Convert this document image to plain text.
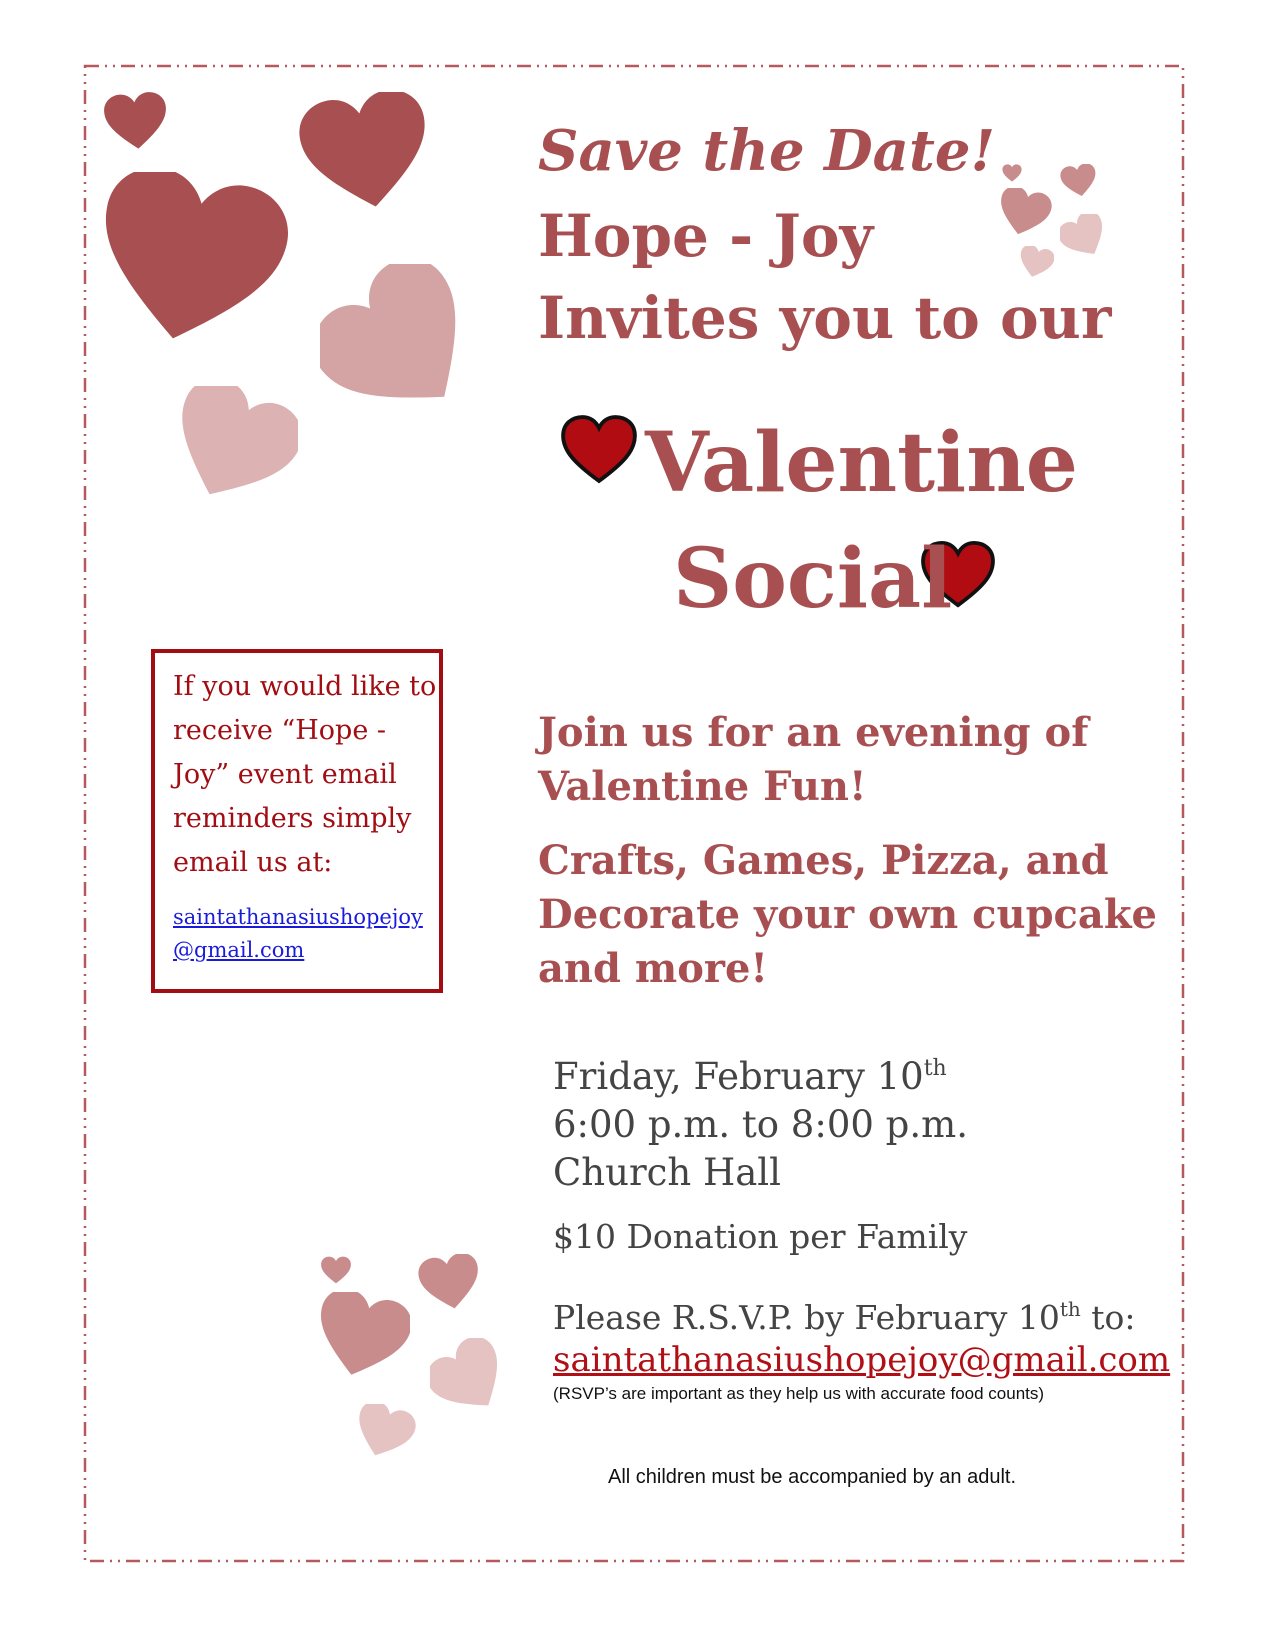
Save the Date!
Hope - Joy
Invites you to our
Valentine
Social
Join us for an evening of
Valentine Fun!
Crafts, Games, Pizza, and
Decorate your own cupcake
and more!
Friday, February 10th
6:00 p.m. to 8:00 p.m.
Church Hall
$10 Donation per Family
Please R.S.V.P. by February 10th to:
saintathanasiushopejoy@gmail.com
(RSVP’s are important as they help us with accurate food counts)
All children must be accompanied by an adult.
If you would like to receive “Hope - Joy” event email reminders simply email us at:
saintathanasiushopejoy@gmail.com
